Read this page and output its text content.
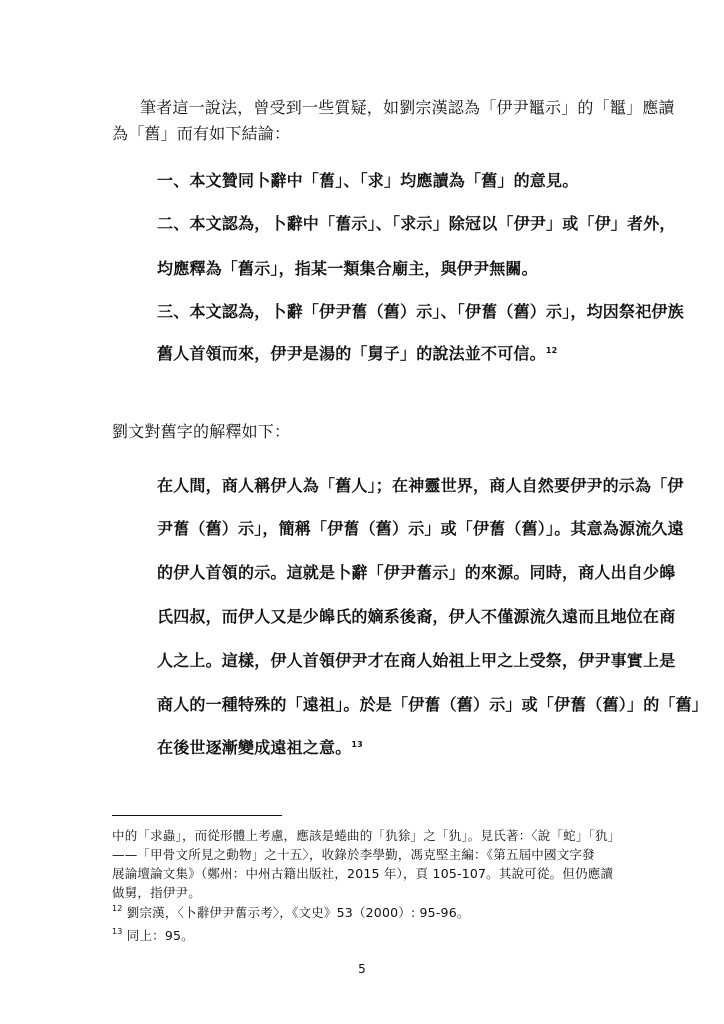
筆者這一說法，曾受到一些質疑，如劉宗漢認為「伊尹䵹示」的「䵹」應讀
為「舊」而有如下結論：
一、本文贊同卜辭中「𦾔」、「求」均應讀為「舊」的意見。
二、本文認為，卜辭中「𦾔示」、「求示」除冠以「伊尹」或「伊」者外，
均應釋為「舊示」，指某一類集合廟主，與伊尹無關。
三、本文認為，卜辭「伊尹𦾔（舊）示」、「伊𦾔（舊）示」，均因祭祀伊族
舊人首領而來，伊尹是湯的「舅子」的說法並不可信。$^{12}$
劉文對舊字的解釋如下：
在人間，商人稱伊人為「舊人」；在神靈世界，商人自然要伊尹的示為「伊
尹𦾔（舊）示」，簡稱「伊𦾔（舊）示」或「伊𦾔（舊）」。其意為源流久遠
的伊人首領的示。這就是卜辭「伊尹𦾔示」的來源。同時，商人出自少皞
氏四叔，而伊人又是少皞氏的嫡系後裔，伊人不僅源流久遠而且地位在商
人之上。這樣，伊人首領伊尹才在商人始祖上甲之上受祭，伊尹事實上是
商人的一種特殊的「遠祖」。於是「伊𦾔（舊）示」或「伊𦾔（舊）」的「舊」
在後世逐漸變成遠祖之意。$^{13}$
中的「求蟲」，而從形體上考慮，應該是蜷曲的「犰狳」之「犰」。見氏著：〈說「蛇」「犰」
——「甲骨文所見之動物」之十五〉，收錄於李學勤，馮克堅主編：《第五屆中國文字發
展論壇論文集》（鄭州：中州古籍出版社，2015 年），頁 105-107。其說可從。但仍應讀
做舅，指伊尹。
$^{12}$ 劉宗漢，〈卜辭伊尹𦾔示考〉，《文史》53（2000）: 95-96。
$^{13}$ 同上：95。
5
